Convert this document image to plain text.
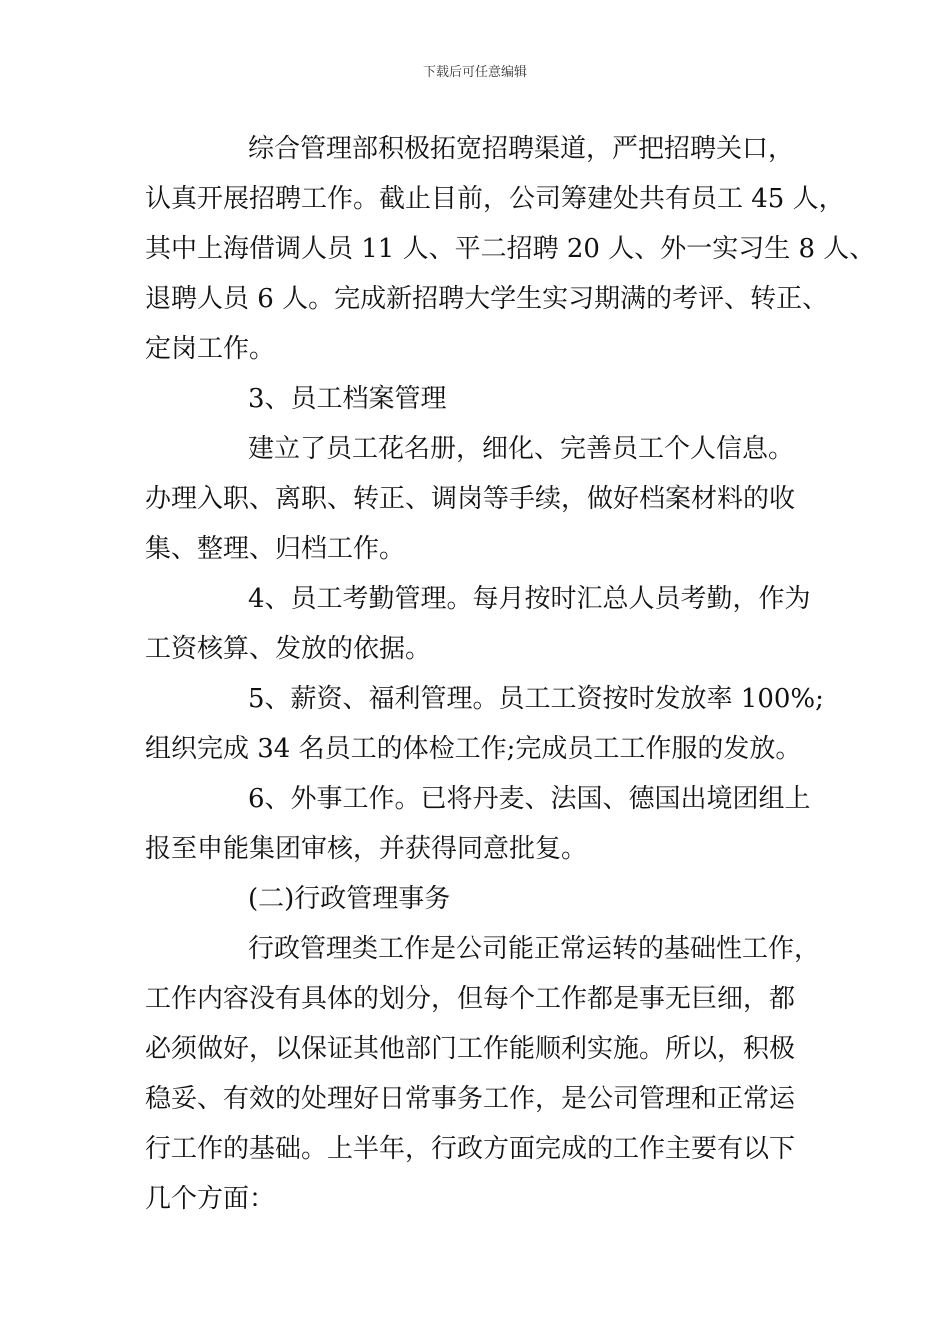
下载后可任意编辑
综合管理部积极拓宽招聘渠道，严把招聘关口，
认真开展招聘工作。截止目前，公司筹建处共有员工 45 人，
其中上海借调人员 11 人、平二招聘 20 人、外一实习生 8 人、
退聘人员 6 人。完成新招聘大学生实习期满的考评、转正、
定岗工作。
3、员工档案管理
建立了员工花名册，细化、完善员工个人信息。
办理入职、离职、转正、调岗等手续，做好档案材料的收
集、整理、归档工作。
4、员工考勤管理。每月按时汇总人员考勤，作为
工资核算、发放的依据。
5、薪资、福利管理。员工工资按时发放率 100%;
组织完成 34 名员工的体检工作;完成员工工作服的发放。
6、外事工作。已将丹麦、法国、德国出境团组上
报至申能集团审核，并获得同意批复。
(二)行政管理事务
行政管理类工作是公司能正常运转的基础性工作，
工作内容没有具体的划分，但每个工作都是事无巨细，都
必须做好，以保证其他部门工作能顺利实施。所以，积极
稳妥、有效的处理好日常事务工作，是公司管理和正常运
行工作的基础。上半年，行政方面完成的工作主要有以下
几个方面：
